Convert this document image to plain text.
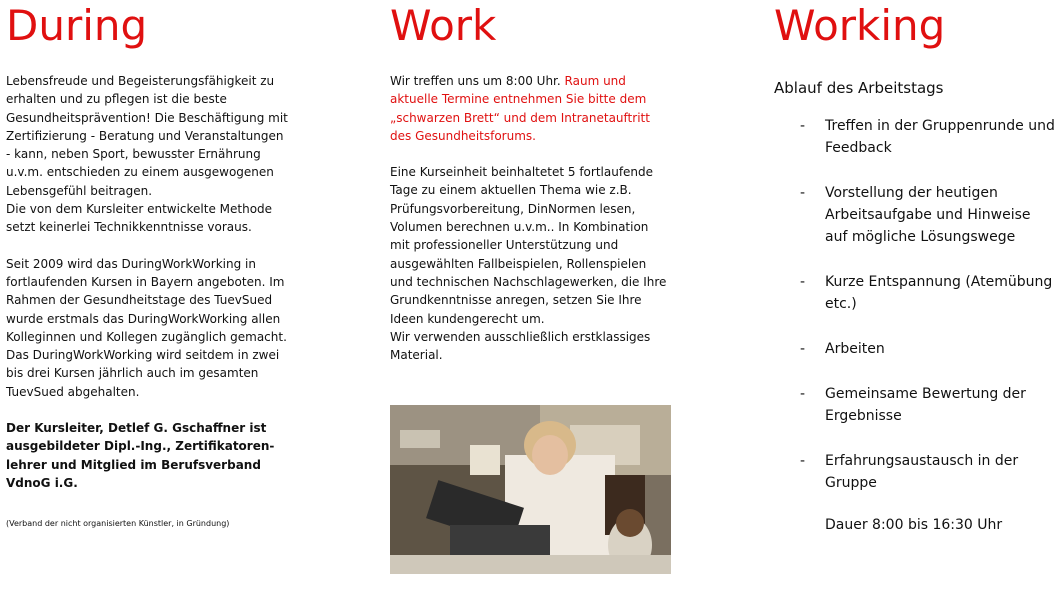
During

Lebensfreude und Begeisterungsfähigkeit zu erhalten und zu pflegen ist die beste Gesundheitsprävention! Die Beschäftigung mit Zertifizierung - Beratung und Veranstaltungen - kann, neben Sport, bewusster Ernährung u.v.m. entschieden zu einem ausgewogenen Lebensgefühl beitragen.

Die von dem Kursleiter entwickelte Methode setzt keinerlei Technikkenntnisse voraus.

Seit 2009 wird das DuringWorkWorking in fortlaufenden Kursen in Bayern angeboten. Im Rahmen der Gesundheitstage des TuevSued wurde erstmals das DuringWorkWorking allen Kolleginnen und Kollegen zugänglich gemacht. Das DuringWorkWorking wird seitdem in zwei bis drei Kursen jährlich auch im gesamten TuevSued abgehalten.

Der Kursleiter, Detlef G. Gschaffner ist ausgebildeter Dipl.-Ing., Zertifikatoren-lehrer und Mitglied im Berufsverband VdnoG i.G.

(Verband der nicht organisierten Künstler, in Gründung)

Work

Wir treffen uns um 8:00 Uhr. Raum und aktuelle Termine entnehmen Sie bitte dem „schwarzen Brett“ und dem Intranetauftritt des Gesundheitsforums.

Eine Kurseinheit beinhaltetet 5 fortlaufende Tage zu einem aktuellen Thema wie z.B. Prüfungsvorbereitung, DinNormen lesen, Volumen berechnen u.v.m.. In Kombination mit professioneller Unterstützung und ausgewählten Fallbeispielen, Rollenspielen und technischen Nachschlagewerken, die Ihre Grundkenntnisse anregen, setzen Sie Ihre Ideen kundengerecht um.

Wir verwenden ausschließlich erstklassiges Material.

Working

Ablauf des Arbeitstags

- Treffen in der Gruppenrunde und Feedback
- Vorstellung der heutigen Arbeitsaufgabe und Hinweise auf mögliche Lösungswege
- Kurze Entspannung (Atemübung etc.)
- Arbeiten
- Gemeinsame Bewertung der Ergebnisse
- Erfahrungsaustausch in der Gruppe
Dauer 8:00 bis 16:30 Uhr
